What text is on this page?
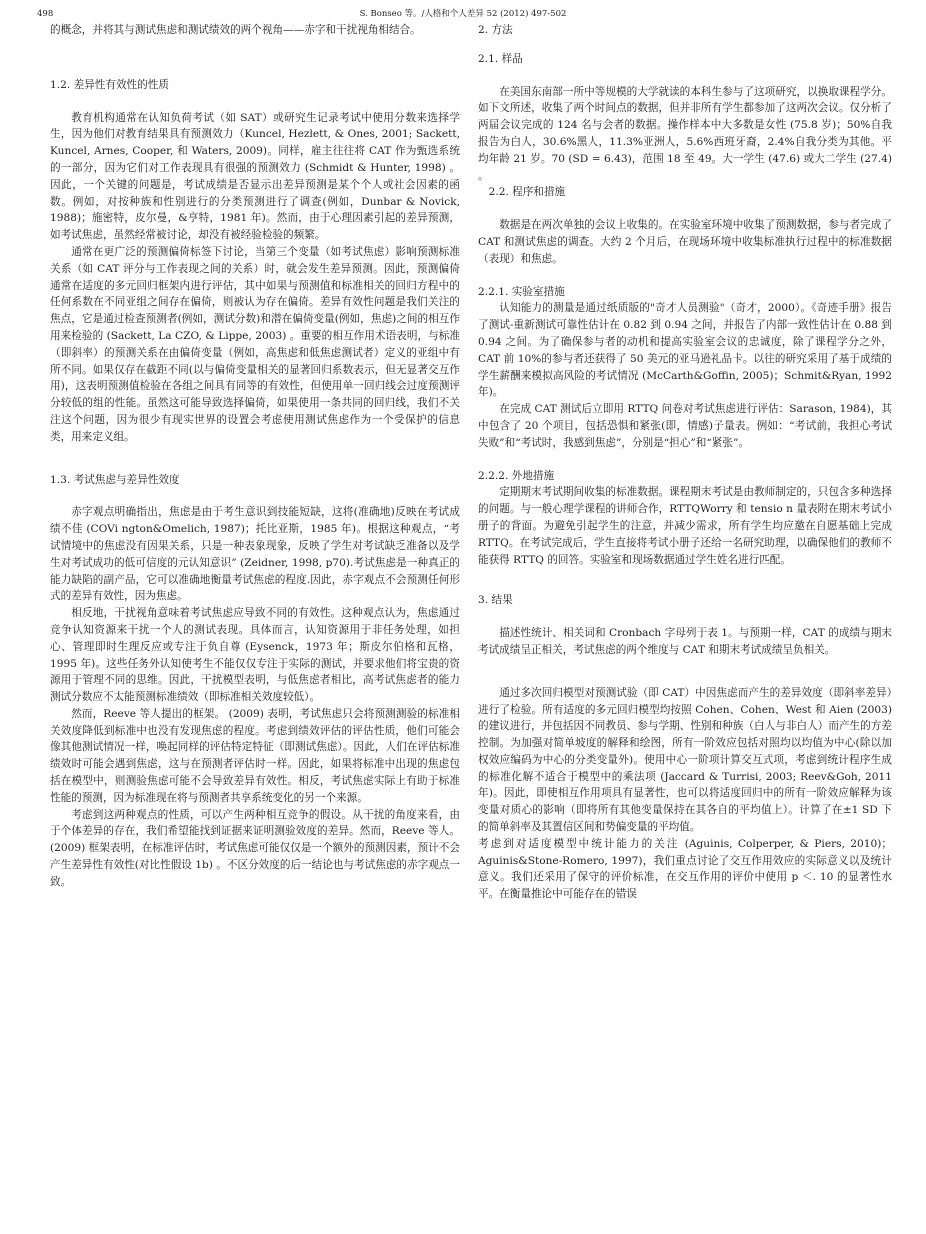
498	S. Bonseo 等。/人格和个人差异 52 (2012) 497-502

的概念，并将其与测试焦虑和测试绩效的两个视角——赤字和干扰视角相结合。

1.2. 差异性有效性的性质

教育机构通常在认知负荷考试（如 SAT）或研究生记录考试中使用分数来选择学生，因为他们对教育结果具有预测效力（Kuncel, Hezlett, & Ones, 2001; Sackett, Kuncel, Arnes, Cooper, 和 Waters, 2009)。同样，雇主往往将 CAT 作为甄选系统的一部分，因为它们对工作表现具有很强的预测效力 (Schmidt & Hunter, 1998) 。因此，一个关键的问题是，考试成绩是否显示出差异预测是某个个人或社会因素的函数。例如，对按种族和性别进行的分类预测进行了调查(例如，Dunbar & Novick, 1988)；施密特，皮尔曼，&亨特，1981 年)。然而，由于心理因素引起的差异预测，如考试焦虑，虽然经常被讨论，却没有被经验检验的频繁。

通常在更广泛的预测偏倚标签下讨论，当第三个变量（如考试焦虑）影响预测标准关系（如 CAT 评分与工作表现之间的关系）时，就会发生差异预测。因此，预测偏倚通常在适度的多元回归框架内进行评估，其中如果与预测值和标准相关的回归方程中的任何系数在不同亚组之间存在偏倚，则被认为存在偏倚。差异有效性问题是我们关注的焦点，它是通过检查预测者(例如，测试分数)和潜在偏倚变量(例如，焦虑)之间的相互作用来检验的 (Sackett, La CZO, & Lippe, 2003) 。重要的相互作用术语表明，与标准（即斜率）的预测关系在由偏倚变量（例如，高焦虑和低焦虑测试者）定义的亚组中有所不同。如果仅存在截距不同(以与偏倚变量相关的显著回归系数表示，但无显著交互作用)，这表明预测值检验在各组之间具有同等的有效性，但使用单一回归线会过度预测评分较低的组的性能。虽然这可能导致选择偏倚，如果使用一条共同的回归线，我们不关注这个问题，因为很少有现实世界的设置会考虑使用测试焦虑作为一个受保护的信息类，用来定义组。

1.3. 考试焦虑与差异性效度

赤字观点明确指出，焦虑是由于考生意识到技能短缺，这将(准确地)反映在考试成绩不佳 (COVi ngton&Omelich, 1987)；托比亚斯，1985 年)。根据这种观点，“考试情境中的焦虑没有因果关系，只是一种表象现象，反映了学生对考试缺乏准备以及学生对考试成功的低可信度的元认知意识” (Zeidner, 1998, p70).考试焦虑是一种真正的能力缺陷的副产品，它可以准确地衡量考试焦虑的程度.因此，赤字观点不会预测任何形式的差异有效性，因为焦虑。

相反地，干扰视角意味着考试焦虑应导致不同的有效性。这种观点认为，焦虑通过竞争认知资源来干扰一个人的测试表现。具体而言，认知资源用于非任务处理，如担心、管理即时生理反应或专注于负自尊 (Eysenck，1973 年；斯皮尔伯格和瓦格，1995 年)。这些任务外认知使考生不能仅仅专注于实际的测试，并要求他们将宝贵的资源用于管理不同的思维。因此，干扰模型表明，与低焦虑者相比，高考试焦虑者的能力测试分数应不太能预测标准绩效（即标准相关效度较低）。

然而，Reeve 等人提出的框架。 (2009) 表明，考试焦虑只会将预测测验的标准相关效度降低到标准中也没有发现焦虑的程度。考虑到绩效评估的评估性质，他们可能会像其他测试情况一样，唤起同样的评估特定特征（即测试焦虑）。因此，人们在评估标准绩效时可能会遇到焦虑，这与在预测者评估时一样。因此，如果将标准中出现的焦虑包括在模型中，则测验焦虑可能不会导致差异有效性。相反，考试焦虑实际上有助于标准性能的预测，因为标准现在将与预测者共享系统变化的另一个来源。

考虑到这两种观点的性质，可以产生两种相互竞争的假设。从干扰的角度来看，由于个体差异的存在，我们希望能找到证据来证明测验效度的差异。然而，Reeve 等人。 (2009) 框架表明，在标准评估时，考试焦虑可能仅仅是一个额外的预测因素，预计不会产生差异性有效性(对比性假设 1b) 。不区分效度的后一结论也与考试焦虑的赤字观点一致。

2. 方法
2.1. 样品

在美国东南部一所中等规模的大学就读的本科生参与了这项研究，以换取课程学分。如下文所述，收集了两个时间点的数据，但并非所有学生都参加了这两次会议。仅分析了两届会议完成的 124 名与会者的数据。操作样本中大多数是女性 (75.8 岁)；50%自我报告为白人，30.6%黑人，11.3%亚洲人，5.6%西班牙裔，2.4%自我分类为其他。平均年龄 21 岁。70 (SD = 6.43)，范围 18 至 49。大一学生 (47.6) 或大二学生 (27.4) 。

2.2. 程序和措施

数据是在两次单独的会议上收集的。在实验室环境中收集了预测数据，参与者完成了 CAT 和测试焦虑的调查。大约 2 个月后，在现场环境中收集标准执行过程中的标准数据（表现）和焦虑。

2.2.1. 实验室措施

认知能力的测量是通过纸质版的"奇才人员测验"（奇才，2000）。《奇迹手册》报告了测试-重新测试可靠性估计在 0.82 到 0.94 之间，并报告了内部一致性估计在 0.88 到 0.94 之间。为了确保参与者的动机和提高实验室会议的忠诚度，除了课程学分之外，CAT 前 10%的参与者还获得了 50 美元的亚马逊礼品卡。以往的研究采用了基于成绩的学生薪酬来模拟高风险的考试情况 (McCarth&Goffin, 2005)；Schmit&Ryan, 1992 年)。

在完成 CAT 测试后立即用 RTTQ 问卷对考试焦虑进行评估：Sarason, 1984)，其中包含了 20 个项目，包括恐惧和紧张(即，情感)子量表。例如：“考试前，我担心考试失败”和“考试时，我感到焦虑”，分别是“担心”和“紧张”。

2.2.2. 外地措施

定期期末考试期间收集的标准数据。课程期末考试是由教师制定的，只包含多种选择的问题。与一般心理学课程的讲师合作，RTTQWorry 和 tensio n 量表附在期末考试小册子的背面。为避免引起学生的注意，并减少需求，所有学生均应邀在自愿基础上完成 RTTQ。在考试完成后，学生直接将考试小册子还给一名研究助理，以确保他们的教师不能获得 RTTQ 的回答。实验室和现场数据通过学生姓名进行匹配。

3. 结果

描述性统计、相关词和 Cronbach 字母列于表 1。与预期一样，CAT 的成绩与期末考试成绩呈正相关，考试焦虑的两个维度与 CAT 和期末考试成绩呈负相关。

通过多次回归模型对预测试验（即 CAT）中因焦虑而产生的差异效度（即斜率差异）进行了检验。所有适度的多元回归模型均按照 Cohen、Cohen、West 和 Aien (2003) 的建议进行，并包括因不同教员、参与学期、性别和种族（白人与非白人）而产生的方差控制。为加强对简单坡度的解释和绘图，所有一阶效应包括对照均以均值为中心(除以加权效应编码为中心的分类变量外)。使用中心一阶项计算交互式项，考虑到统计程序生成的标准化解不适合于模型中的乘法项 (Jaccard & Turrisi, 2003; Reev&Goh, 2011 年)。因此，即使相互作用项具有显著性，也可以将适度回归中的所有一阶效应解释为该变量对质心的影响（即将所有其他变量保持在其各自的平均值上）。计算了在±1 SD 下的简单斜率及其置信区间和势偏变量的平均值。

考虑到对适度模型中统计能力的关注 (Aguinis, Colperper, & Piers, 2010)；Aguinis&Stone-Romero, 1997)，我们重点讨论了交互作用效应的实际意义以及统计意义。我们还采用了保守的评价标准，在交互作用的评价中使用 p ＜. 10 的显著性水平。在衡量推论中可能存在的错误
